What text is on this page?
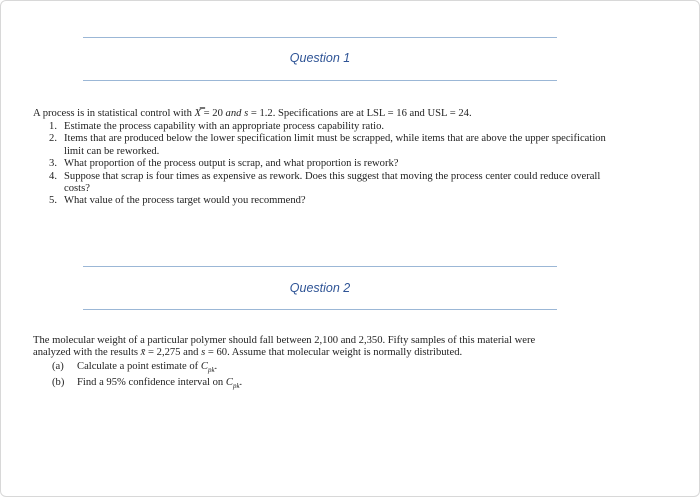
Question 1
A process is in statistical control with X̿ = 20 and s = 1.2. Specifications are at LSL = 16 and USL = 24.
1. Estimate the process capability with an appropriate process capability ratio.
2. Items that are produced below the lower specification limit must be scrapped, while items that are above the upper specification limit can be reworked.
3. What proportion of the process output is scrap, and what proportion is rework?
4. Suppose that scrap is four times as expensive as rework. Does this suggest that moving the process center could reduce overall costs?
5. What value of the process target would you recommend?
Question 2
The molecular weight of a particular polymer should fall between 2,100 and 2,350. Fifty samples of this material were
analyzed with the results x̄ = 2,275 and s = 60. Assume that molecular weight is normally distributed.
(a)	Calculate a point estimate of $C_{pk}$.
(b)	Find a 95% confidence interval on $C_{pk}$.
